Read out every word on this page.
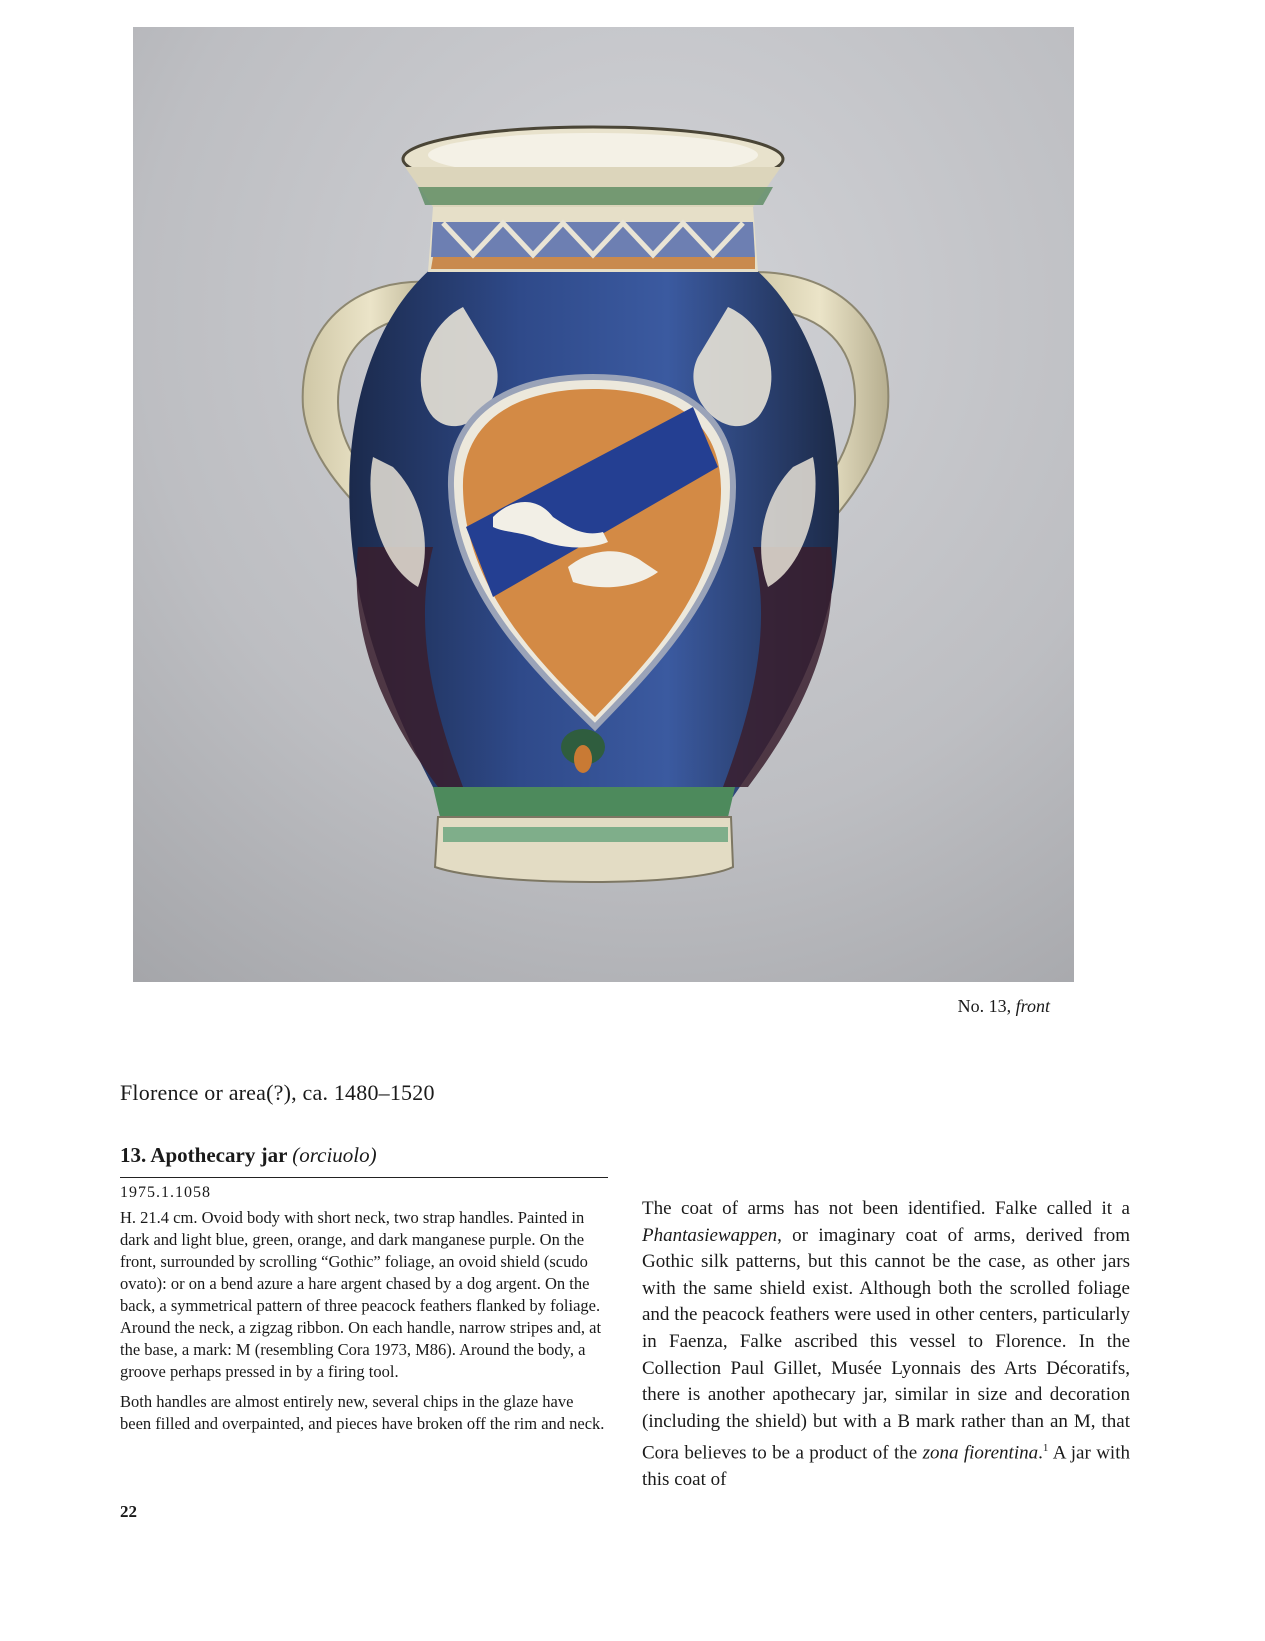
No. 13, front
Florence or area(?), ca. 1480–1520
13. Apothecary jar (orciuolo)
1975.1.1058

H. 21.4 cm. Ovoid body with short neck, two strap handles. Painted in dark and light blue, green, orange, and dark manganese purple. On the front, surrounded by scrolling “Gothic” foliage, an ovoid shield (scudo ovato): or on a bend azure a hare argent chased by a dog argent. On the back, a symmetrical pattern of three peacock feathers flanked by foliage. Around the neck, a zigzag ribbon. On each handle, narrow stripes and, at the base, a mark: M (resembling Cora 1973, M86). Around the body, a groove perhaps pressed in by a firing tool.

Both handles are almost entirely new, several chips in the glaze have been filled and overpainted, and pieces have broken off the rim and neck.

The coat of arms has not been identified. Falke called it a Phantasiewappen, or imaginary coat of arms, derived from Gothic silk patterns, but this cannot be the case, as other jars with the same shield exist. Although both the scrolled foliage and the peacock feathers were used in other centers, particularly in Faenza, Falke ascribed this vessel to Florence. In the Collection Paul Gillet, Musée Lyonnais des Arts Décoratifs, there is another apothecary jar, similar in size and decoration (including the shield) but with a B mark rather than an M, that Cora believes to be a product of the zona fiorentina.$^1$ A jar with this coat of

22
